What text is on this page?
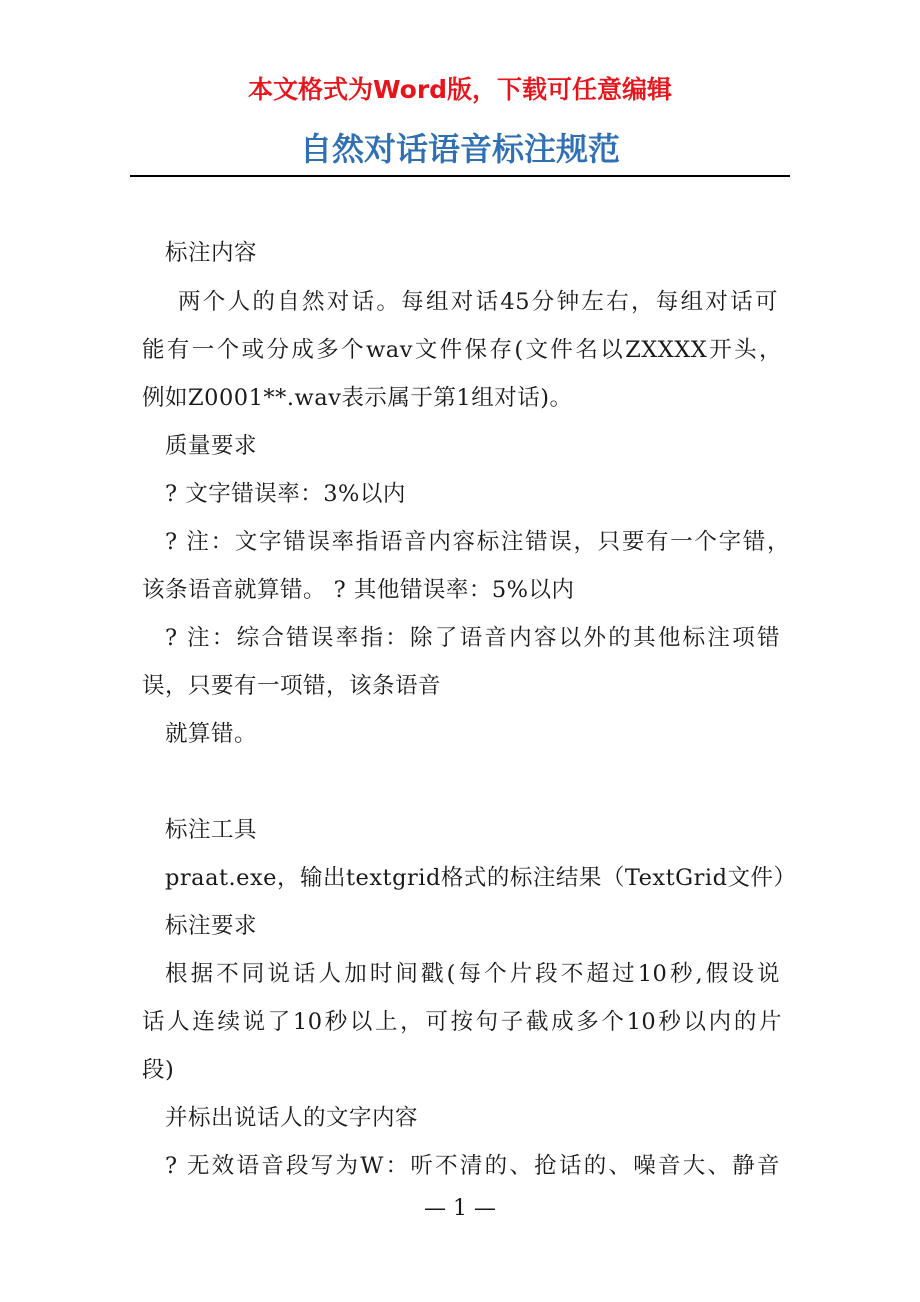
本文格式为Word版，下载可任意编辑
自然对话语音标注规范
标注内容
两个人的自然对话。每组对话45分钟左右，每组对话可
能有一个或分成多个wav文件保存(文件名以ZXXXX开头，
例如Z0001**.wav表示属于第1组对话)。
质量要求
? 文字错误率：3%以内
? 注：文字错误率指语音内容标注错误，只要有一个字错，
该条语音就算错。 ? 其他错误率：5%以内
? 注：综合错误率指：除了语音内容以外的其他标注项错
误，只要有一项错，该条语音
就算错。
标注工具
praat.exe，输出textgrid格式的标注结果（TextGrid文件）
标注要求
根据不同说话人加时间戳(每个片段不超过10秒,假设说
话人连续说了10秒以上，可按句子截成多个10秒以内的片
段)
并标出说话人的文字内容
? 无效语音段写为W：听不清的、抢话的、噪音大、静音
— 1 —
